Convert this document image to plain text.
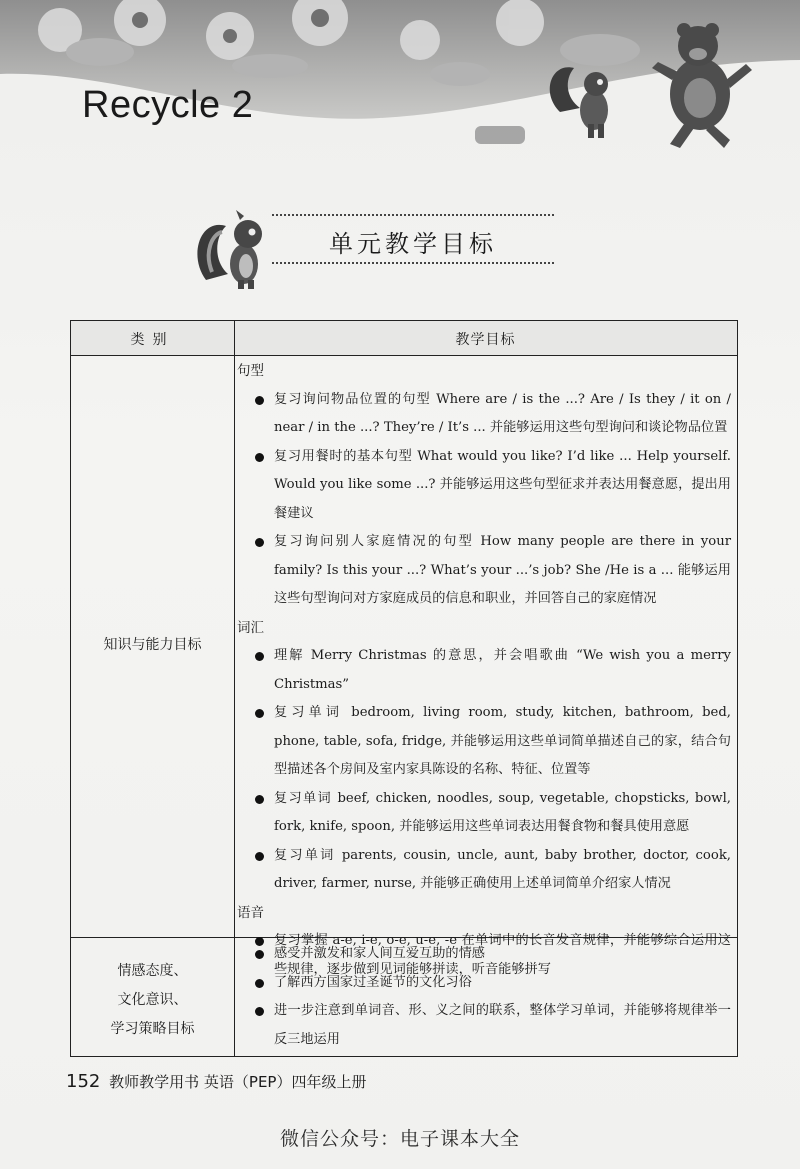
Recycle 2
单元教学目标
类别	教学目标
知识与能力目标
情感态度、
文化意识、
学习策略目标
句型
复习询问物品位置的句型 Where are / is the ...? Are / Is they / it on / near / in the ...? They’re / It’s ... 并能够运用这些句型询问和谈论物品位置
复习用餐时的基本句型 What would you like? I’d like ... Help yourself. Would you like some ...? 并能够运用这些句型征求并表达用餐意愿，提出用餐建议
复习询问别人家庭情况的句型 How many people are there in your family? Is this your ...? What’s your ...’s job? She /He is a ... 能够运用这些句型询问对方家庭成员的信息和职业，并回答自己的家庭情况
词汇
理解 Merry Christmas 的意思，并会唱歌曲 “We wish you a merry Christmas”
复习单词 bedroom, living room, study, kitchen, bathroom, bed, phone, table, sofa, fridge, 并能够运用这些单词简单描述自己的家，结合句型描述各个房间及室内家具陈设的名称、特征、位置等
复习单词 beef, chicken, noodles, soup, vegetable, chopsticks, bowl, fork, knife, spoon, 并能够运用这些单词表达用餐食物和餐具使用意愿
复习单词 parents, cousin, uncle, aunt, baby brother, doctor, cook, driver, farmer, nurse, 并能够正确使用上述单词简单介绍家人情况
语音
复习掌握 a-e, i-e, o-e, u-e, -e 在单词中的长音发音规律，并能够综合运用这些规律，逐步做到见词能够拼读，听音能够拼写
感受并激发和家人间互爱互助的情感
了解西方国家过圣诞节的文化习俗
进一步注意到单词音、形、义之间的联系，整体学习单词，并能够将规律举一反三地运用
152 教师教学用书 英语（PEP）四年级上册
微信公众号：电子课本大全
